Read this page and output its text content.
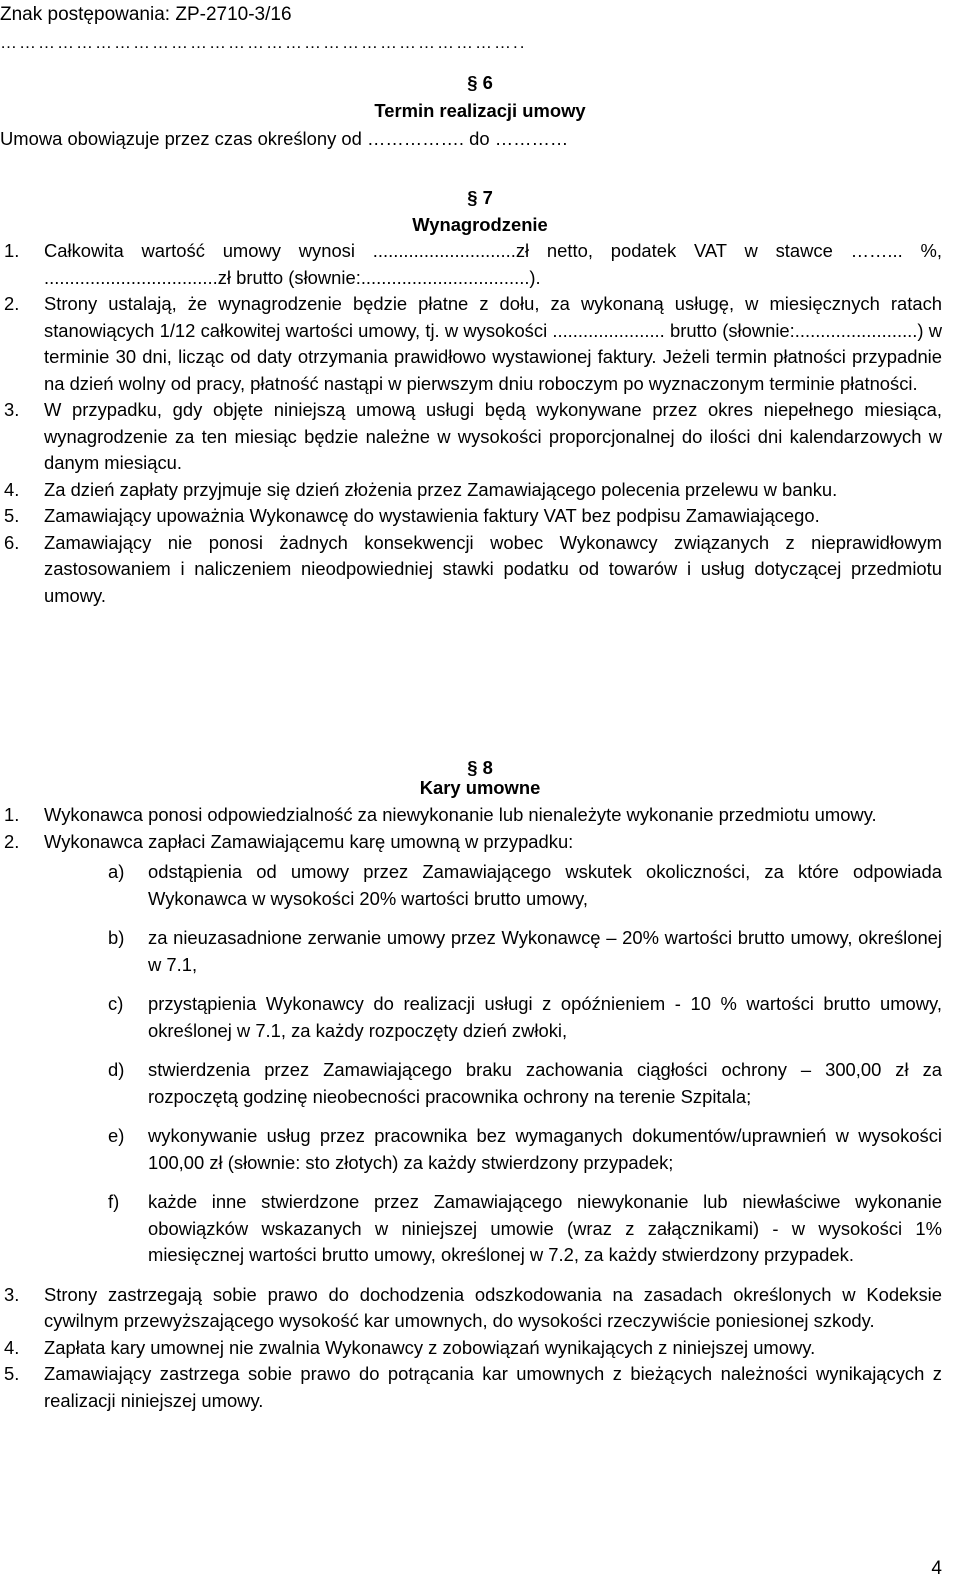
Znak postępowania: ZP-2710-3/16
………………………………………………………………………..
§ 6
Termin realizacji umowy
Umowa obowiązuje przez czas określony od ……………. do …………
§ 7
Wynagrodzenie
1. Całkowita wartość umowy wynosi ............................zł netto, podatek VAT w stawce ……... %, ..................................zł brutto (słownie:.................................).
2. Strony ustalają, że wynagrodzenie będzie płatne z dołu, za wykonaną usługę, w miesięcznych ratach stanowiących 1/12 całkowitej wartości umowy, tj. w wysokości ...................... brutto (słownie:........................) w terminie 30 dni, licząc od daty otrzymania prawidłowo wystawionej faktury. Jeżeli termin płatności przypadnie na dzień wolny od pracy, płatność nastąpi w pierwszym dniu roboczym po wyznaczonym terminie płatności.
3. W przypadku, gdy objęte niniejszą umową usługi będą wykonywane przez okres niepełnego miesiąca, wynagrodzenie za ten miesiąc będzie należne w wysokości proporcjonalnej do ilości dni kalendarzowych w danym miesiącu.
4. Za dzień zapłaty przyjmuje się dzień złożenia przez Zamawiającego polecenia przelewu w banku.
5. Zamawiający upoważnia Wykonawcę do wystawienia faktury VAT bez podpisu Zamawiającego.
6. Zamawiający nie ponosi żadnych konsekwencji wobec Wykonawcy związanych z nieprawidłowym zastosowaniem i naliczeniem nieodpowiedniej stawki podatku od towarów i usług dotyczącej przedmiotu umowy.
§ 8
Kary umowne
1. Wykonawca ponosi odpowiedzialność za niewykonanie lub nienależyte wykonanie przedmiotu umowy.
2. Wykonawca zapłaci Zamawiającemu karę umowną w przypadku:
a) odstąpienia od umowy przez Zamawiającego wskutek okoliczności, za które odpowiada Wykonawca w wysokości 20% wartości brutto umowy,
b) za nieuzasadnione zerwanie umowy przez Wykonawcę – 20% wartości brutto umowy, określonej w 7.1,
c) przystąpienia Wykonawcy do realizacji usługi z opóźnieniem - 10 % wartości brutto umowy, określonej w 7.1, za każdy rozpoczęty dzień zwłoki,
d) stwierdzenia przez Zamawiającego braku zachowania ciągłości ochrony – 300,00 zł za rozpoczętą godzinę nieobecności pracownika ochrony na terenie Szpitala;
e) wykonywanie usług przez pracownika bez wymaganych dokumentów/uprawnień w wysokości 100,00 zł (słownie: sto złotych) za każdy stwierdzony przypadek;
f) każde inne stwierdzone przez Zamawiającego niewykonanie lub niewłaściwe wykonanie obowiązków wskazanych w niniejszej umowie (wraz z załącznikami) - w wysokości 1% miesięcznej wartości brutto umowy, określonej w 7.2, za każdy stwierdzony przypadek.
3. Strony zastrzegają sobie prawo do dochodzenia odszkodowania na zasadach określonych w Kodeksie cywilnym przewyższającego wysokość kar umownych, do wysokości rzeczywiście poniesionej szkody.
4. Zapłata kary umownej nie zwalnia Wykonawcy z zobowiązań wynikających z niniejszej umowy.
5. Zamawiający zastrzega sobie prawo do potrącania kar umownych z bieżących należności wynikających z realizacji niniejszej umowy.
4
